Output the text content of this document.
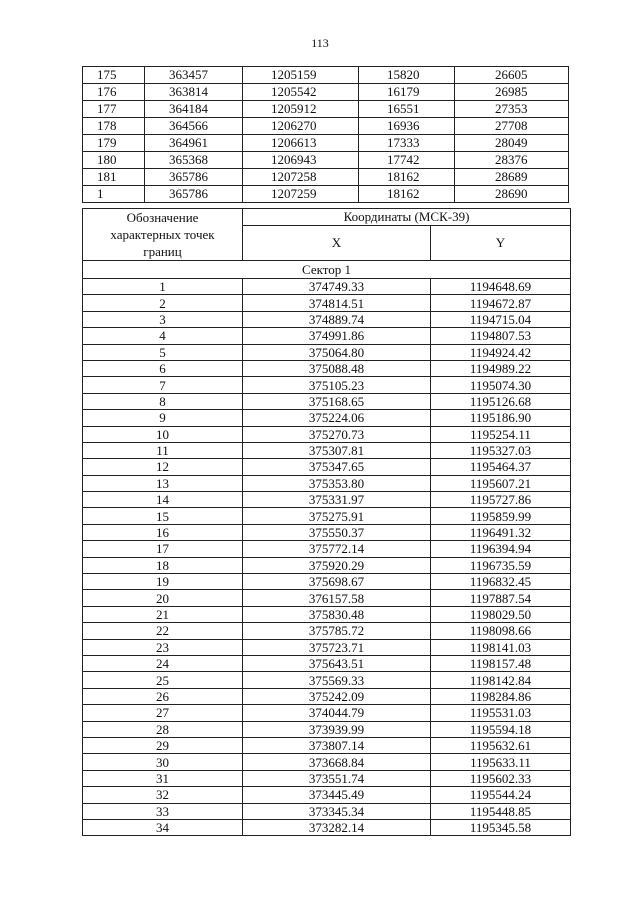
113
175	363457	1205159	15820	26605
176	363814	1205542	16179	26985
177	364184	1205912	16551	27353
178	364566	1206270	16936	27708
179	364961	1206613	17333	28049
180	365368	1206943	17742	28376
181	365786	1207258	18162	28689
1	365786	1207259	18162	28690
Обозначение характерных точек границ	Координаты (МСК-39)	
	X	Y
Сектор 1		
1	374749.33	1194648.69
2	374814.51	1194672.87
3	374889.74	1194715.04
4	374991.86	1194807.53
5	375064.80	1194924.42
6	375088.48	1194989.22
7	375105.23	1195074.30
8	375168.65	1195126.68
9	375224.06	1195186.90
10	375270.73	1195254.11
11	375307.81	1195327.03
12	375347.65	1195464.37
13	375353.80	1195607.21
14	375331.97	1195727.86
15	375275.91	1195859.99
16	375550.37	1196491.32
17	375772.14	1196394.94
18	375920.29	1196735.59
19	375698.67	1196832.45
20	376157.58	1197887.54
21	375830.48	1198029.50
22	375785.72	1198098.66
23	375723.71	1198141.03
24	375643.51	1198157.48
25	375569.33	1198142.84
26	375242.09	1198284.86
27	374044.79	1195531.03
28	373939.99	1195594.18
29	373807.14	1195632.61
30	373668.84	1195633.11
31	373551.74	1195602.33
32	373445.49	1195544.24
33	373345.34	1195448.85
34	373282.14	1195345.58
